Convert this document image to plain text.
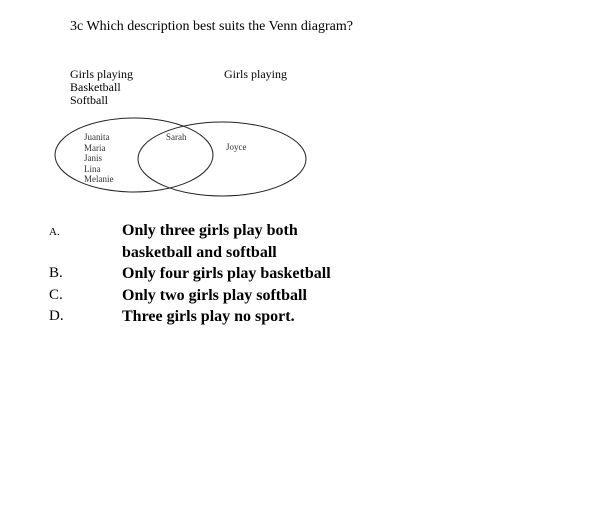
3c Which description best suits the Venn diagram?
Girls playing
Basketball
Softball
Girls playing
Juanita
Maria
Janis
Lina
Melanie
Sarah
Joyce
A.	Only three girls play both
basketball and softball
B.	Only four girls play basketball
C.	Only two girls play softball
D.	Three girls play no sport.
